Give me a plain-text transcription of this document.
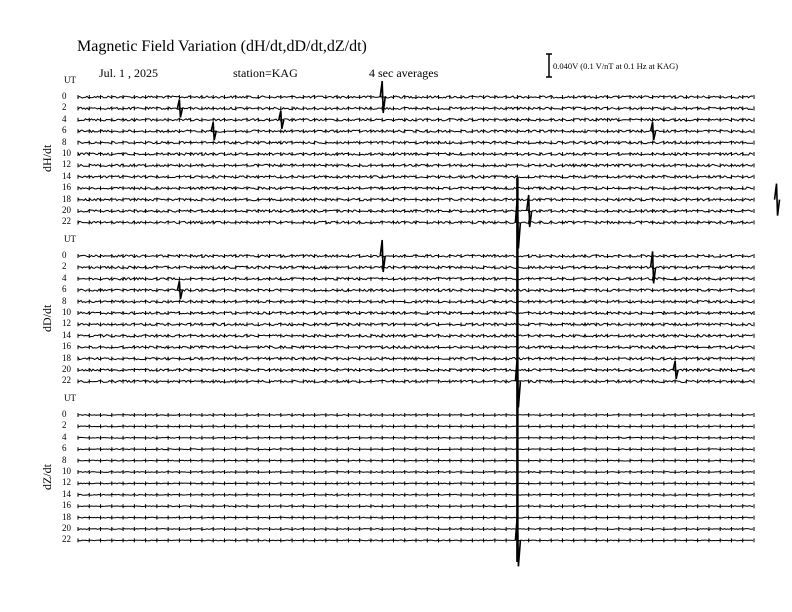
Magnetic Field Variation (dH/dt,dD/dt,dZ/dt)
Jul. 1 , 2025	station=KAG	4 sec averages	0.040V (0.1 V/nT at 0.1 Hz at KAG)
UT
dH/dt
0
2
4
6
8
10
12
14
16
18
20
22
UT
dD/dt
0
2
4
6
8
10
12
14
16
18
20
22
UT
dZ/dt
0
2
4
6
8
10
12
14
16
18
20
22
